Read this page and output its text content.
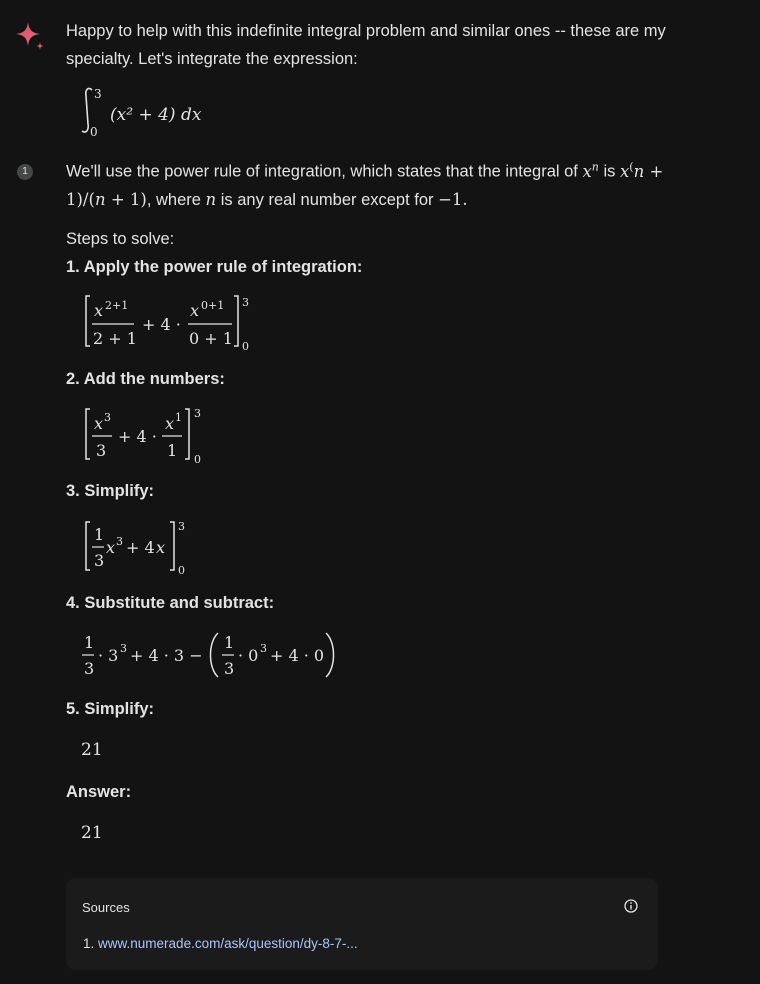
Happy to help with this indefinite integral problem and similar ones -- these are my
specialty. Let's integrate the expression:
3
0
(x² + 4) dx
1	We'll use the power rule of integration, which states that the integral of $x^n$ is x(n +
1)/(n + 1), where n is any real number except for −1.
Steps to solve:
1. Apply the power rule of integration:
x 2+1
2 + 1
+ 4 ·
x 0+1
0 + 1
3
0
2. Add the numbers:
x 3
3
+ 4 ·
x 1
1
3
0
3. Simplify:
1
3
x 3 + 4 x
3
0
4. Substitute and subtract:
1
3
· 3 3 + 4 · 3 −
1
3
· 0 3 + 4 · 0
5. Simplify:
21
Answer:
21
Sources
1. www.numerade.com/ask/question/dy-8-7-...
